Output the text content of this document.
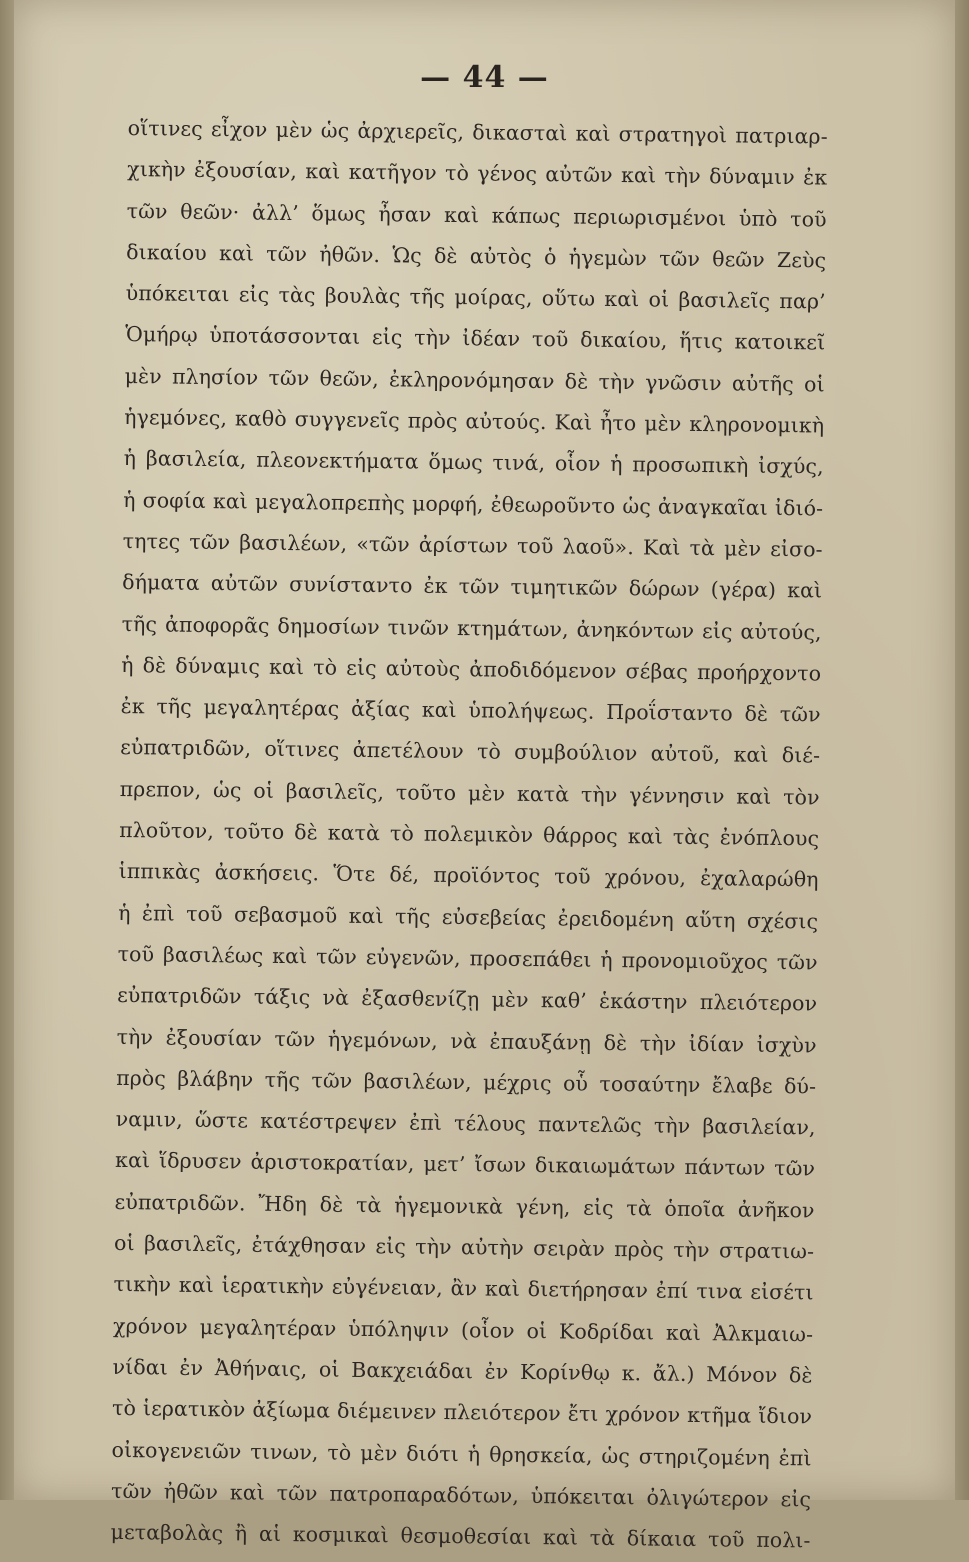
— 44 —
οἵτινες εἶχον μὲν ὡς ἀρχιερεῖς, δικασταὶ καὶ στρατηγοὶ πατριαρ-
χικὴν ἐξουσίαν, καὶ κατῆγον τὸ γένος αὐτῶν καὶ τὴν δύναμιν ἐκ
τῶν θεῶν· ἀλλ’ ὅμως ἦσαν καὶ κάπως περιωρισμένοι ὑπὸ τοῦ
δικαίου καὶ τῶν ἠθῶν. Ὡς δὲ αὐτὸς ὁ ἡγεμὼν τῶν θεῶν Ζεὺς
ὑπόκειται εἰς τὰς βουλὰς τῆς μοίρας, οὕτω καὶ οἱ βασιλεῖς παρ’
Ὁμήρῳ ὑποτάσσονται εἰς τὴν ἰδέαν τοῦ δικαίου, ἥτις κατοικεῖ
μὲν πλησίον τῶν θεῶν, ἐκληρονόμησαν δὲ τὴν γνῶσιν αὐτῆς οἱ
ἡγεμόνες, καθὸ συγγενεῖς πρὸς αὐτούς. Καὶ ἦτο μὲν κληρονομικὴ
ἡ βασιλεία, πλεονεκτήματα ὅμως τινά, οἷον ἡ προσωπικὴ ἰσχύς,
ἡ σοφία καὶ μεγαλοπρεπὴς μορφή, ἐθεωροῦντο ὡς ἀναγκαῖαι ἰδιό-
τητες τῶν βασιλέων, «τῶν ἀρίστων τοῦ λαοῦ». Καὶ τὰ μὲν εἰσο-
δήματα αὐτῶν συνίσταντο ἐκ τῶν τιμητικῶν δώρων (γέρα) καὶ
τῆς ἀποφορᾶς δημοσίων τινῶν κτημάτων, ἀνηκόντων εἰς αὐτούς,
ἡ δὲ δύναμις καὶ τὸ εἰς αὐτοὺς ἀποδιδόμενον σέβας προήρχοντο
ἐκ τῆς μεγαλητέρας ἀξίας καὶ ὑπολήψεως. Προΐσταντο δὲ τῶν
εὐπατριδῶν, οἵτινες ἀπετέλουν τὸ συμβούλιον αὐτοῦ, καὶ διέ-
πρεπον, ὡς οἱ βασιλεῖς, τοῦτο μὲν κατὰ τὴν γέννησιν καὶ τὸν
πλοῦτον, τοῦτο δὲ κατὰ τὸ πολεμικὸν θάρρος καὶ τὰς ἐνόπλους
ἱππικὰς ἀσκήσεις. Ὅτε δέ, προϊόντος τοῦ χρόνου, ἐχαλαρώθη
ἡ ἐπὶ τοῦ σεβασμοῦ καὶ τῆς εὐσεβείας ἐρειδομένη αὕτη σχέσις
τοῦ βασιλέως καὶ τῶν εὐγενῶν, προσεπάθει ἡ προνομιοῦχος τῶν
εὐπατριδῶν τάξις νὰ ἐξασθενίζῃ μὲν καθ’ ἑκάστην πλειότερον
τὴν ἐξουσίαν τῶν ἡγεμόνων, νὰ ἐπαυξάνῃ δὲ τὴν ἰδίαν ἰσχὺν
πρὸς βλάβην τῆς τῶν βασιλέων, μέχρις οὗ τοσαύτην ἔλαβε δύ-
ναμιν, ὥστε κατέστρεψεν ἐπὶ τέλους παντελῶς τὴν βασιλείαν,
καὶ ἵδρυσεν ἀριστοκρατίαν, μετ’ ἴσων δικαιωμάτων πάντων τῶν
εὐπατριδῶν. Ἤδη δὲ τὰ ἡγεμονικὰ γένη, εἰς τὰ ὁποῖα ἀνῆκον
οἱ βασιλεῖς, ἐτάχθησαν εἰς τὴν αὐτὴν σειρὰν πρὸς τὴν στρατιω-
τικὴν καὶ ἱερατικὴν εὐγένειαν, ἂν καὶ διετήρησαν ἐπί τινα εἰσέτι
χρόνον μεγαλητέραν ὑπόληψιν (οἷον οἱ Κοδρίδαι καὶ Ἀλκμαιω-
νίδαι ἐν Ἀθήναις, οἱ Βακχειάδαι ἐν Κορίνθῳ κ. ἄλ.) Μόνον δὲ
τὸ ἱερατικὸν ἀξίωμα διέμεινεν πλειότερον ἔτι χρόνον κτῆμα ἴδιον
οἰκογενειῶν τινων, τὸ μὲν διότι ἡ θρησκεία, ὡς στηριζομένη ἐπὶ
τῶν ἠθῶν καὶ τῶν πατροπαραδότων, ὑπόκειται ὀλιγώτερον εἰς
μεταβολὰς ἢ αἱ κοσμικαὶ θεσμοθεσίαι καὶ τὰ δίκαια τοῦ πολι-
